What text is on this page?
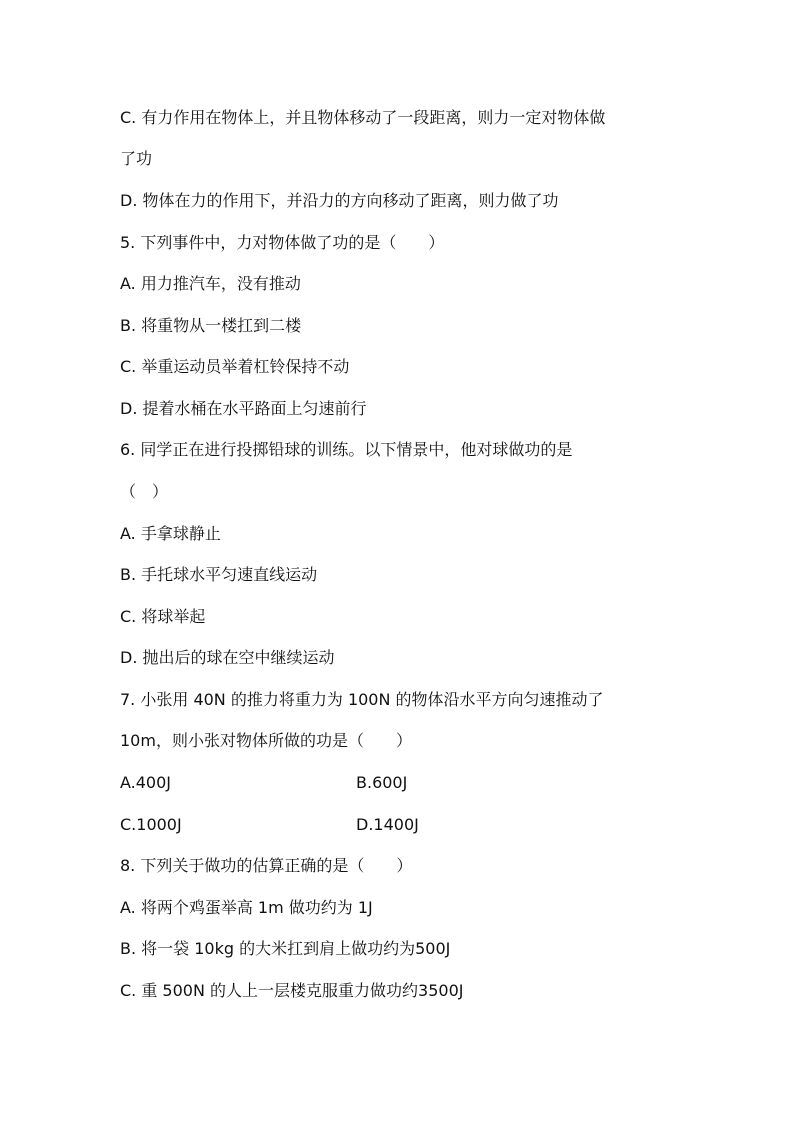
C. 有力作用在物体上，并且物体移动了一段距离，则力一定对物体做
了功
D. 物体在力的作用下，并沿力的方向移动了距离，则力做了功
5. 下列事件中，力对物体做了功的是（　　）
A. 用力推汽车，没有推动
B. 将重物从一楼扛到二楼
C. 举重运动员举着杠铃保持不动
D. 提着水桶在水平路面上匀速前行
6. 同学正在进行投掷铅球的训练。以下情景中，他对球做功的是
（　）
A. 手拿球静止
B. 手托球水平匀速直线运动
C. 将球举起
D. 抛出后的球在空中继续运动
7. 小张用 40N 的推力将重力为 100N 的物体沿水平方向匀速推动了
10m，则小张对物体所做的功是（　　）
A.400J	B.600J
C.1000J	D.1400J
8. 下列关于做功的估算正确的是（　　）
A. 将两个鸡蛋举高 1m 做功约为 1J
B. 将一袋 10kg 的大米扛到肩上做功约为500J
C. 重 500N 的人上一层楼克服重力做功约3500J
